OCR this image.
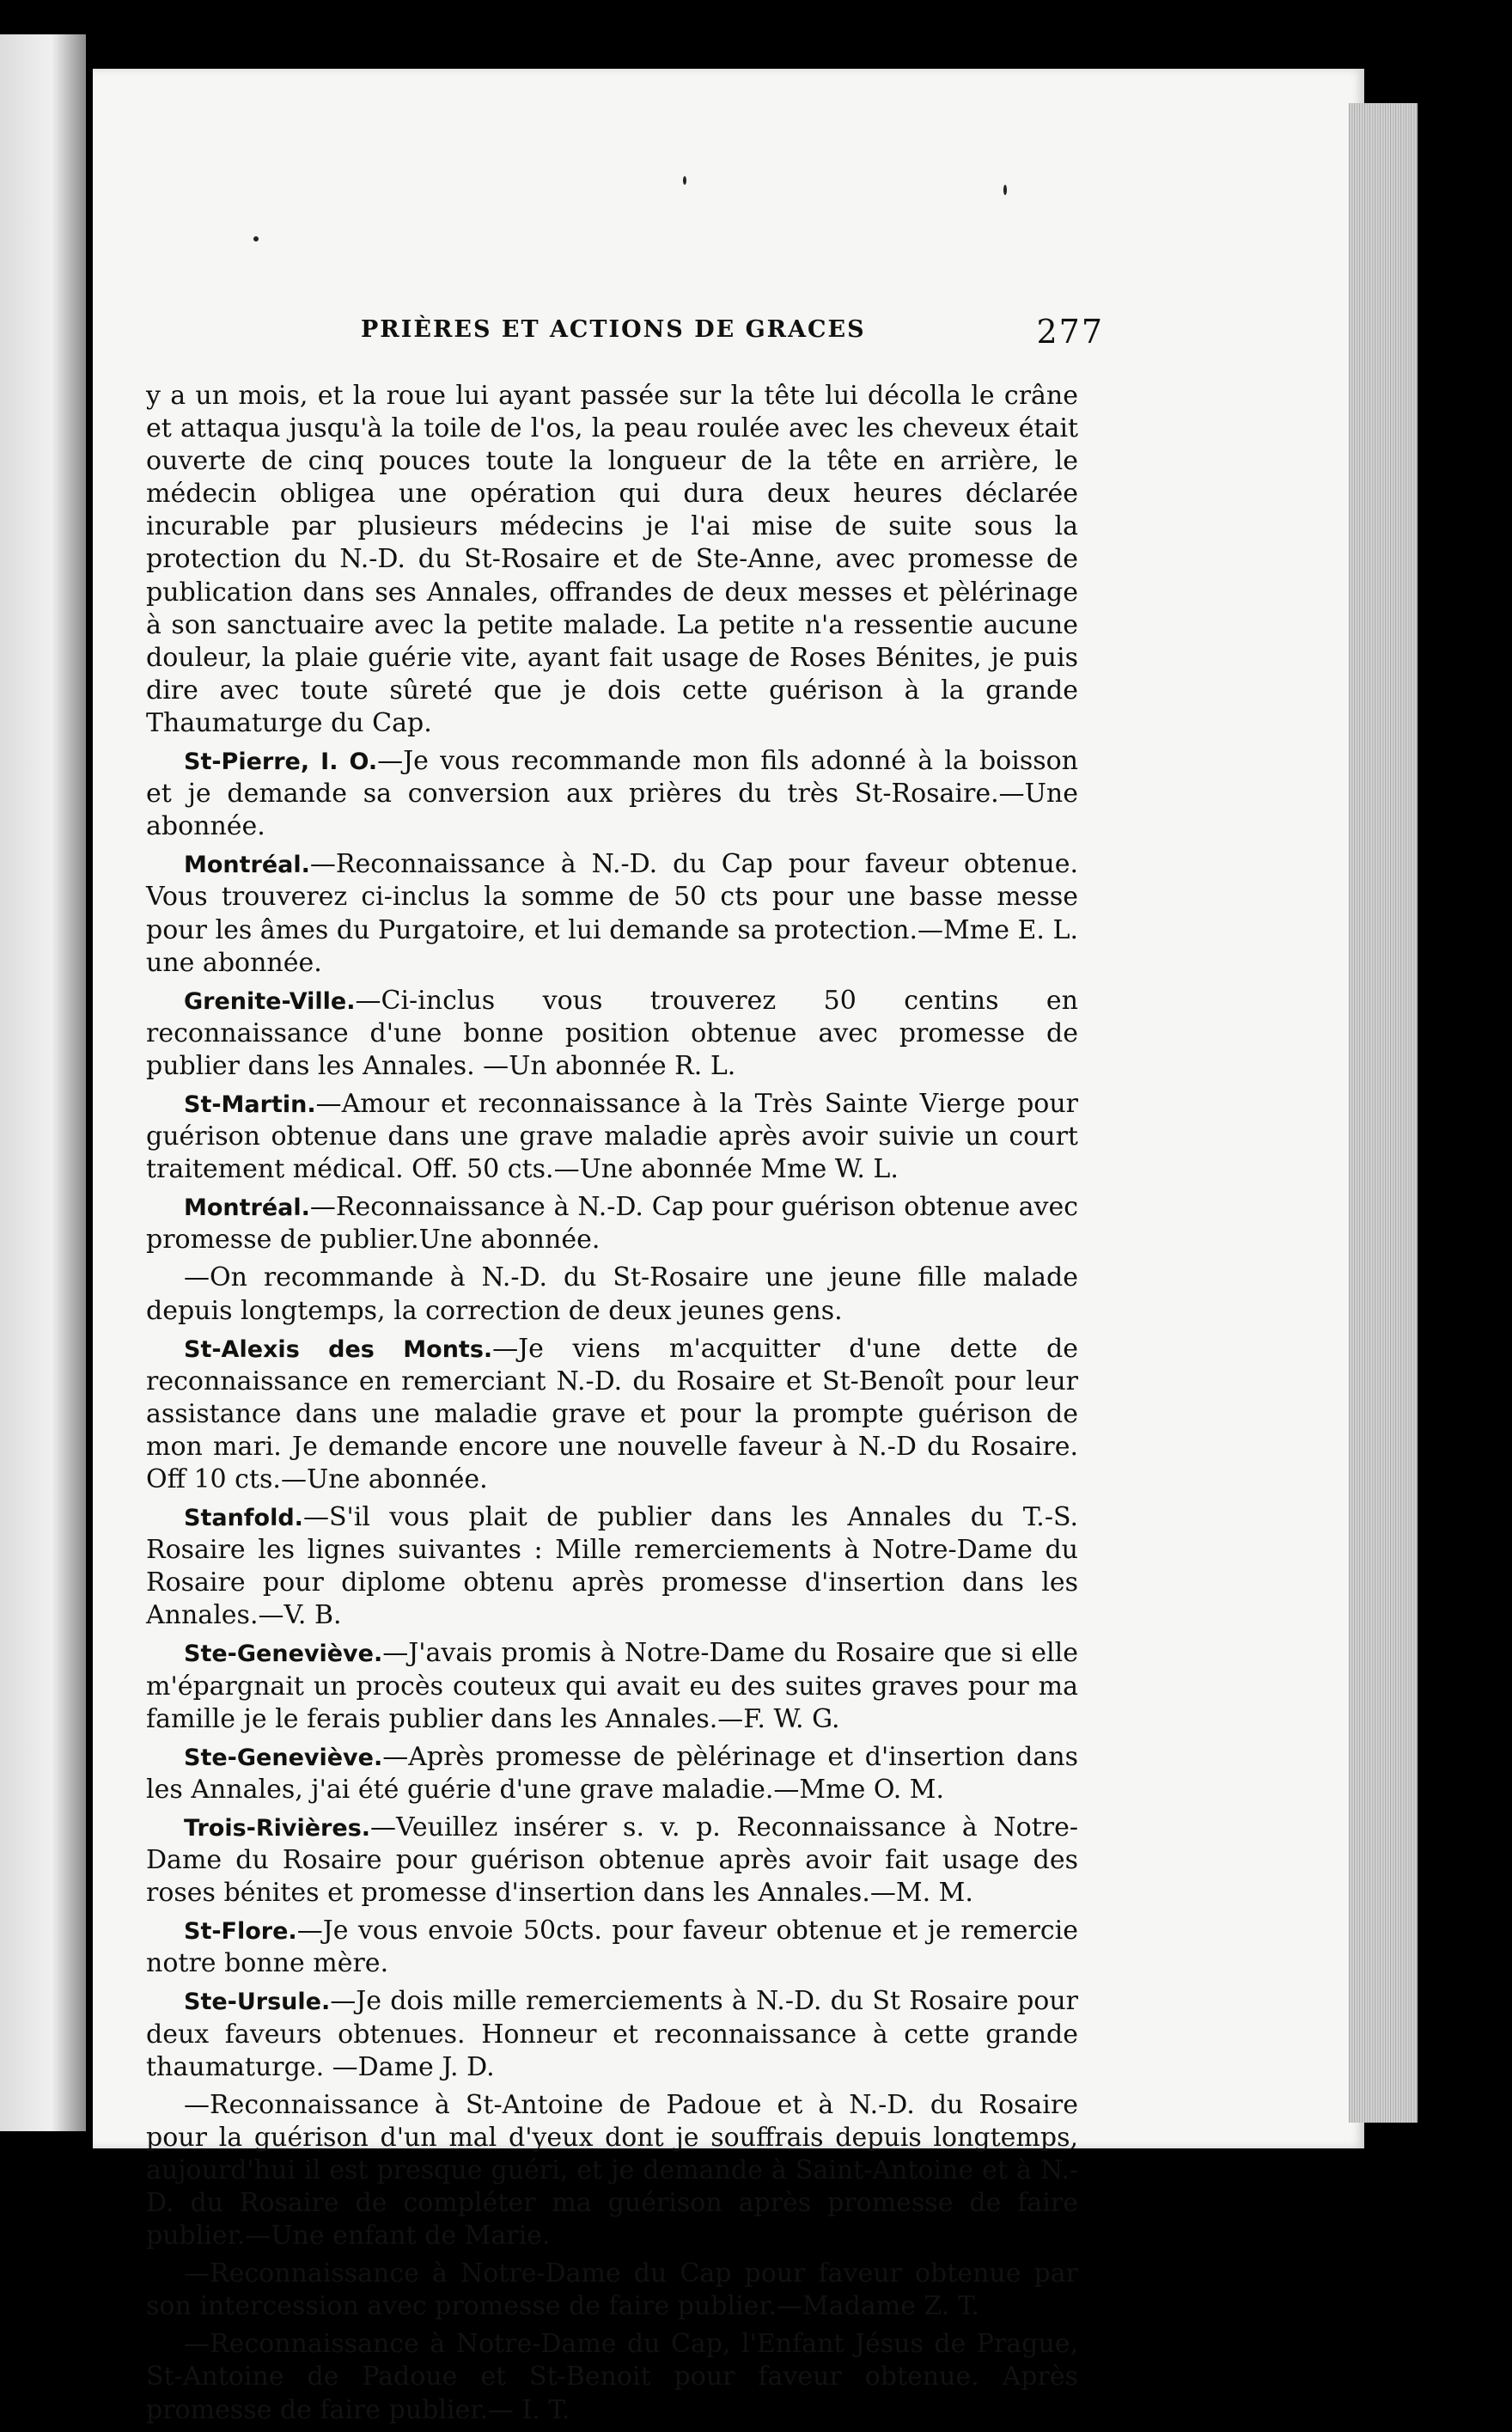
PRIÈRES ET ACTIONS DE GRACES	277

y a un mois, et la roue lui ayant passée sur la tête lui décolla le crâne et attaqua jusqu'à la toile de l'os, la peau roulée avec les cheveux était ouverte de cinq pouces toute la longueur de la tête en arrière, le médecin obligea une opération qui dura deux heures déclarée incurable par plusieurs médecins je l'ai mise de suite sous la protection du N.-D. du St-Rosaire et de Ste-Anne, avec promesse de publication dans ses Annales, offrandes de deux messes et pèlérinage à son sanctuaire avec la petite malade. La petite n'a ressentie aucune douleur, la plaie guérie vite, ayant fait usage de Roses Bénites, je puis dire avec toute sûreté que je dois cette guérison à la grande Thaumaturge du Cap.

St-Pierre, I. O.—Je vous recommande mon fils adonné à la boisson et je demande sa conversion aux prières du très St-Rosaire.—Une abonnée.

Montréal.—Reconnaissance à N.-D. du Cap pour faveur obtenue. Vous trouverez ci-inclus la somme de 50 cts pour une basse messe pour les âmes du Purgatoire, et lui demande sa protection.—Mme E. L. une abonnée.

Grenite-Ville.—Ci-inclus vous trouverez 50 centins en reconnaissance d'une bonne position obtenue avec promesse de publier dans les Annales. —Un abonnée R. L.

St-Martin.—Amour et reconnaissance à la Très Sainte Vierge pour guérison obtenue dans une grave maladie après avoir suivie un court traitement médical. Off. 50 cts.—Une abonnée Mme W. L.

Montréal.—Reconnaissance à N.-D. Cap pour guérison obtenue avec promesse de publier.Une abonnée.

—On recommande à N.-D. du St-Rosaire une jeune fille malade depuis longtemps, la correction de deux jeunes gens.

St-Alexis des Monts.—Je viens m'acquitter d'une dette de reconnaissance en remerciant N.-D. du Rosaire et St-Benoît pour leur assistance dans une maladie grave et pour la prompte guérison de mon mari. Je demande encore une nouvelle faveur à N.-D du Rosaire. Off 10 cts.—Une abonnée.

Stanfold.—S'il vous plait de publier dans les Annales du T.-S. Rosaire les lignes suivantes : Mille remerciements à Notre-Dame du Rosaire pour diplome obtenu après promesse d'insertion dans les Annales.—V. B.

Ste-Geneviève.—J'avais promis à Notre-Dame du Rosaire que si elle m'épargnait un procès couteux qui avait eu des suites graves pour ma famille je le ferais publier dans les Annales.—F. W. G.

Ste-Geneviève.—Après promesse de pèlérinage et d'insertion dans les Annales, j'ai été guérie d'une grave maladie.—Mme O. M.

Trois-Rivières.—Veuillez insérer s. v. p. Reconnaissance à Notre-Dame du Rosaire pour guérison obtenue après avoir fait usage des roses bénites et promesse d'insertion dans les Annales.—M. M.

St-Flore.—Je vous envoie 50cts. pour faveur obtenue et je remercie notre bonne mère.

Ste-Ursule.—Je dois mille remerciements à N.-D. du St Rosaire pour deux faveurs obtenues. Honneur et reconnaissance à cette grande thaumaturge. —Dame J. D.

—Reconnaissance à St-Antoine de Padoue et à N.-D. du Rosaire pour la guérison d'un mal d'yeux dont je souffrais depuis longtemps, aujourd'hui il est presque guéri, et je demande à Saint-Antoine et à N.-D. du Rosaire de compléter ma guérison après promesse de faire publier.—Une enfant de Marie.

—Reconnaissance à Notre-Dame du Cap pour faveur obtenue par son intercession avec promesse de faire publier.—Madame Z. T.

—Reconnaissance à Notre-Dame du Cap, l'Enfant Jésus de Prague, St-Antoine de Padoue et St-Benoit pour faveur obtenue. Après promesse de faire publier.— I. T.
